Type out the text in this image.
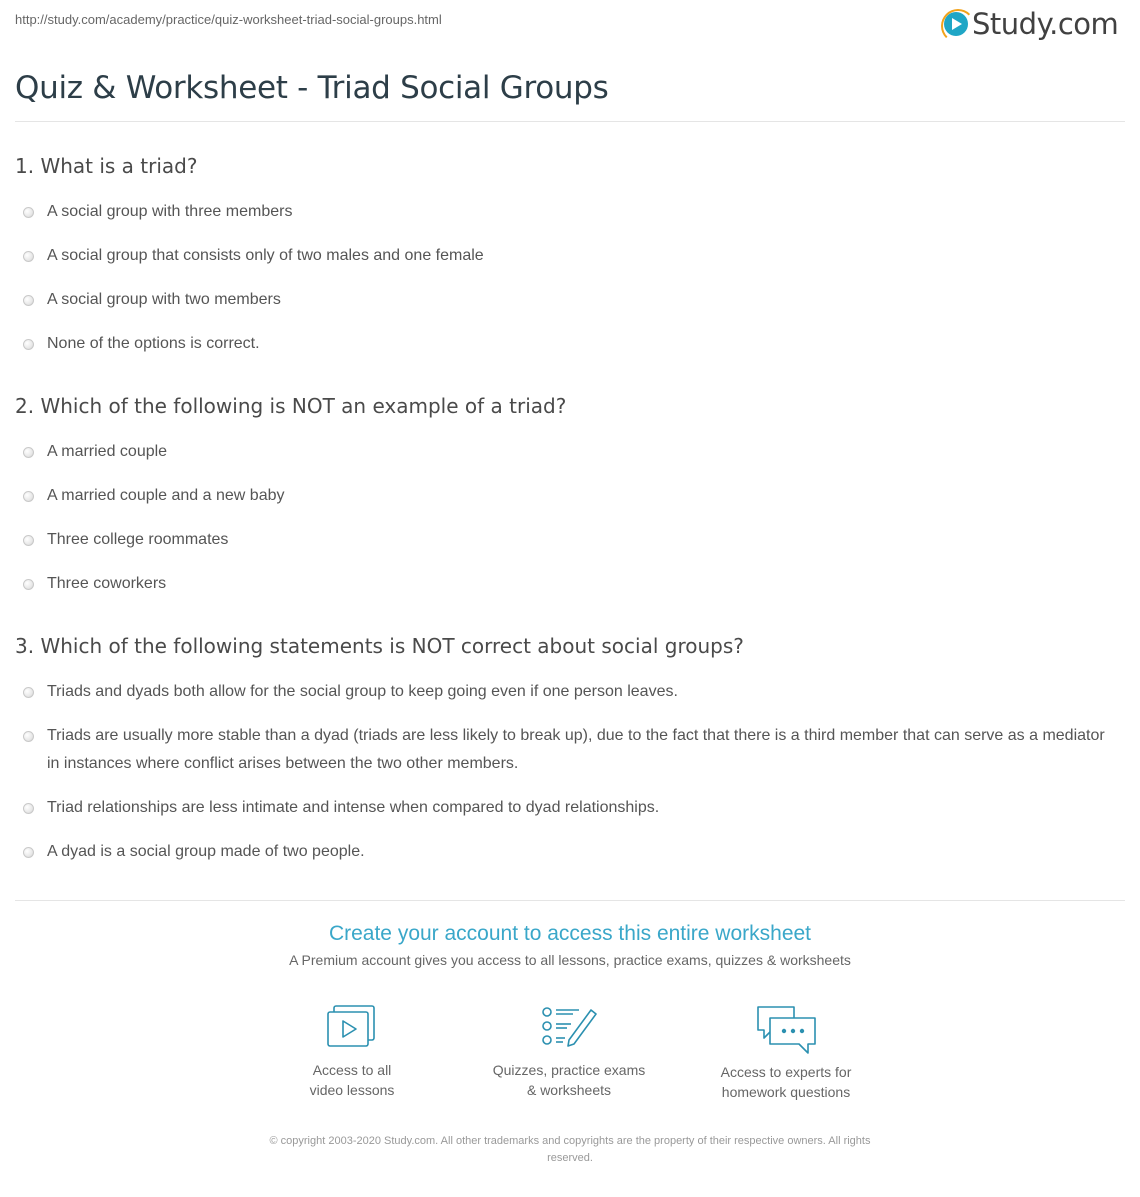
http://study.com/academy/practice/quiz-worksheet-triad-social-groups.html	Study.com
Quiz & Worksheet - Triad Social Groups
1. What is a triad?
A social group with three members
A social group that consists only of two males and one female
A social group with two members
None of the options is correct.
2. Which of the following is NOT an example of a triad?
A married couple
A married couple and a new baby
Three college roommates
Three coworkers
3. Which of the following statements is NOT correct about social groups?
Triads and dyads both allow for the social group to keep going even if one person leaves.
Triads are usually more stable than a dyad (triads are less likely to break up), due to the fact that there is a third member that can serve as a mediator in instances where conflict arises between the two other members.
Triad relationships are less intimate and intense when compared to dyad relationships.
A dyad is a social group made of two people.
Create your account to access this entire worksheet
A Premium account gives you access to all lessons, practice exams, quizzes & worksheets
Access to all
video lessons
Quizzes, practice exams
& worksheets
Access to experts for
homework questions
© copyright 2003-2020 Study.com. All other trademarks and copyrights are the property of their respective owners. All rights
reserved.
